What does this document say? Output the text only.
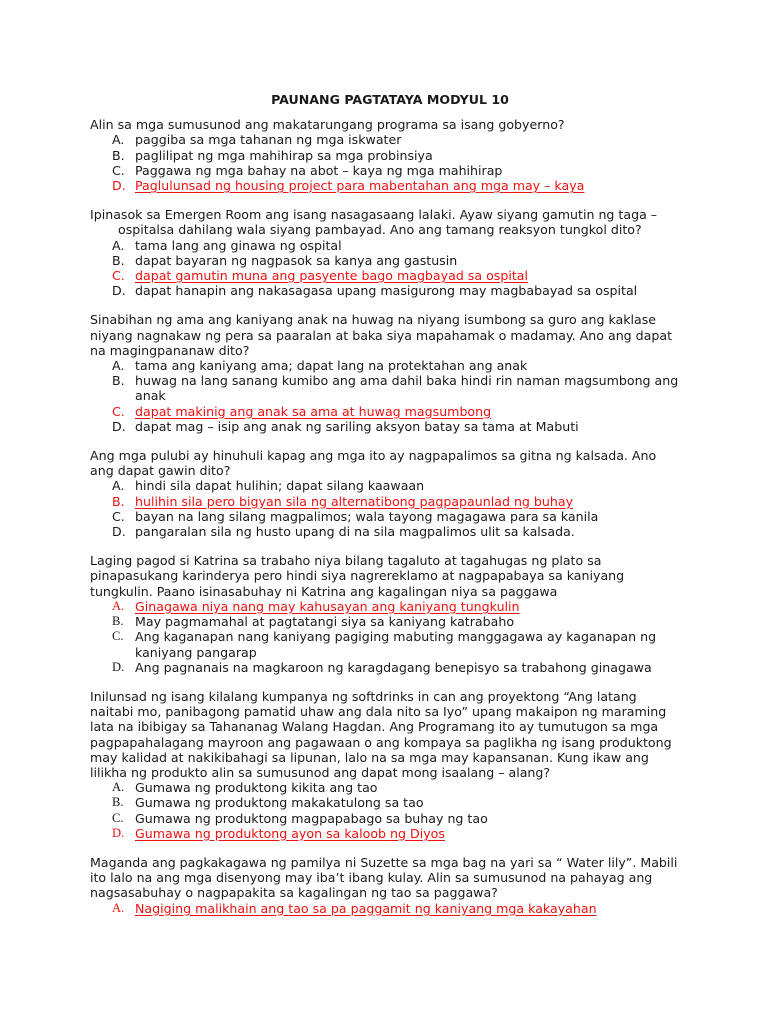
PAUNANG PAGTATAYA MODYUL 10

Alin sa mga sumusunod ang makatarungang programa sa isang gobyerno?

A. paggiba sa mga tahanan ng mga iskwater
B. paglilipat ng mga mahihirap sa mga probinsiya
C. Paggawa ng mga bahay na abot – kaya ng mga mahihirap
D. Paglulunsad ng housing project para mabentahan ang mga may – kaya

Ipinasok sa Emergen Room ang isang nasagasaang lalaki. Ayaw siyang gamutin ng taga – ospitalsa dahilang wala siyang pambayad. Ano ang tamang reaksyon tungkol dito?

A. tama lang ang ginawa ng ospital
B. dapat bayaran ng nagpasok sa kanya ang gastusin
C. dapat gamutin muna ang pasyente bago magbayad sa ospital
D. dapat hanapin ang nakasagasa upang masigurong may magbabayad sa ospital

Sinabihan ng ama ang kaniyang anak na huwag na niyang isumbong sa guro ang kaklase niyang nagnakaw ng pera sa paaralan at baka siya mapahamak o madamay. Ano ang dapat na magingpananaw dito?

A. tama ang kaniyang ama; dapat lang na protektahan ang anak
B. huwag na lang sanang kumibo ang ama dahil baka hindi rin naman magsumbong ang anak
C. dapat makinig ang anak sa ama at huwag magsumbong
D. dapat mag – isip ang anak ng sariling aksyon batay sa tama at Mabuti

Ang mga pulubi ay hinuhuli kapag ang mga ito ay nagpapalimos sa gitna ng kalsada. Ano ang dapat gawin dito?

A. hindi sila dapat hulihin; dapat silang kaawaan
B. hulihin sila pero bigyan sila ng alternatibong pagpapaunlad ng buhay
C. bayan na lang silang magpalimos; wala tayong magagawa para sa kanila
D. pangaralan sila ng husto upang di na sila magpalimos ulit sa kalsada.

Laging pagod si Katrina sa trabaho niya bilang tagaluto at tagahugas ng plato sa pinapasukang karinderya pero hindi siya nagrereklamo at nagpapabaya sa kaniyang tungkulin. Paano isinasabuhay ni Katrina ang kagalingan niya sa paggawa

A. Ginagawa niya nang may kahusayan ang kaniyang tungkulin
B. May pagmamahal at pagtatangi siya sa kaniyang katrabaho
C. Ang kaganapan nang kaniyang pagiging mabuting manggagawa ay kaganapan ng kaniyang pangarap
D. Ang pagnanais na magkaroon ng karagdagang benepisyo sa trabahong ginagawa

Inilunsad ng isang kilalang kumpanya ng softdrinks in can ang proyektong “Ang latang naitabi mo, panibagong pamatid uhaw ang dala nito sa Iyo” upang makaipon ng maraming lata na ibibigay sa Tahananag Walang Hagdan. Ang Programang ito ay tumutugon sa mga pagpapahalagang mayroon ang pagawaan o ang kompaya sa paglikha ng isang produktong may kalidad at nakikibahagi sa lipunan, lalo na sa mga may kapansanan. Kung ikaw ang lilikha ng produkto alin sa sumusunod ang dapat mong isaalang – alang?

A. Gumawa ng produktong kikita ang tao
B. Gumawa ng produktong makakatulong sa tao
C. Gumawa ng produktong magpapabago sa buhay ng tao
D. Gumawa ng produktong ayon sa kaloob ng Diyos

Maganda ang pagkakagawa ng pamilya ni Suzette sa mga bag na yari sa “ Water lily”. Mabili ito lalo na ang mga disenyong may iba’t ibang kulay. Alin sa sumusunod na pahayag ang nagsasabuhay o nagpapakita sa kagalingan ng tao sa paggawa?

A. Nagiging malikhain ang tao sa pa paggamit ng kaniyang mga kakayahan
